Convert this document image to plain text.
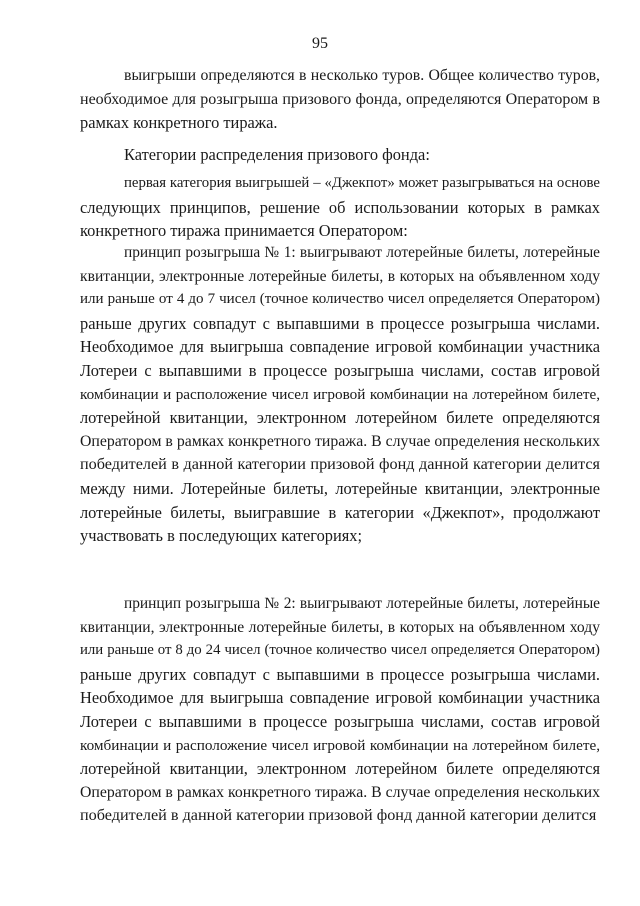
95
выигрыши определяются в несколько туров. Общее количество туров,
необходимое для розыгрыша призового фонда, определяются Оператором в
рамках конкретного тиража.
Категории распределения призового фонда:
первая категория выигрышей – «Джекпот» может разыгрываться на основе
следующих принципов, решение об использовании которых в рамках
конкретного тиража принимается Оператором:
принцип розыгрыша № 1: выигрывают лотерейные билеты, лотерейные
квитанции, электронные лотерейные билеты, в которых на объявленном ходу
или раньше от 4 до 7 чисел (точное количество чисел определяется Оператором)
раньше других совпадут с выпавшими в процессе розыгрыша числами.
Необходимое для выигрыша совпадение игровой комбинации участника
Лотереи с выпавшими в процессе розыгрыша числами, состав игровой
комбинации и расположение чисел игровой комбинации на лотерейном билете,
лотерейной квитанции, электронном лотерейном билете определяются
Оператором в рамках конкретного тиража. В случае определения нескольких
победителей в данной категории призовой фонд данной категории делится
между ними. Лотерейные билеты, лотерейные квитанции, электронные
лотерейные билеты, выигравшие в категории «Джекпот», продолжают
участвовать в последующих категориях;
принцип розыгрыша № 2: выигрывают лотерейные билеты, лотерейные
квитанции, электронные лотерейные билеты, в которых на объявленном ходу
или раньше от 8 до 24 чисел (точное количество чисел определяется Оператором)
раньше других совпадут с выпавшими в процессе розыгрыша числами.
Необходимое для выигрыша совпадение игровой комбинации участника
Лотереи с выпавшими в процессе розыгрыша числами, состав игровой
комбинации и расположение чисел игровой комбинации на лотерейном билете,
лотерейной квитанции, электронном лотерейном билете определяются
Оператором в рамках конкретного тиража. В случае определения нескольких
победителей в данной категории призовой фонд данной категории делится
